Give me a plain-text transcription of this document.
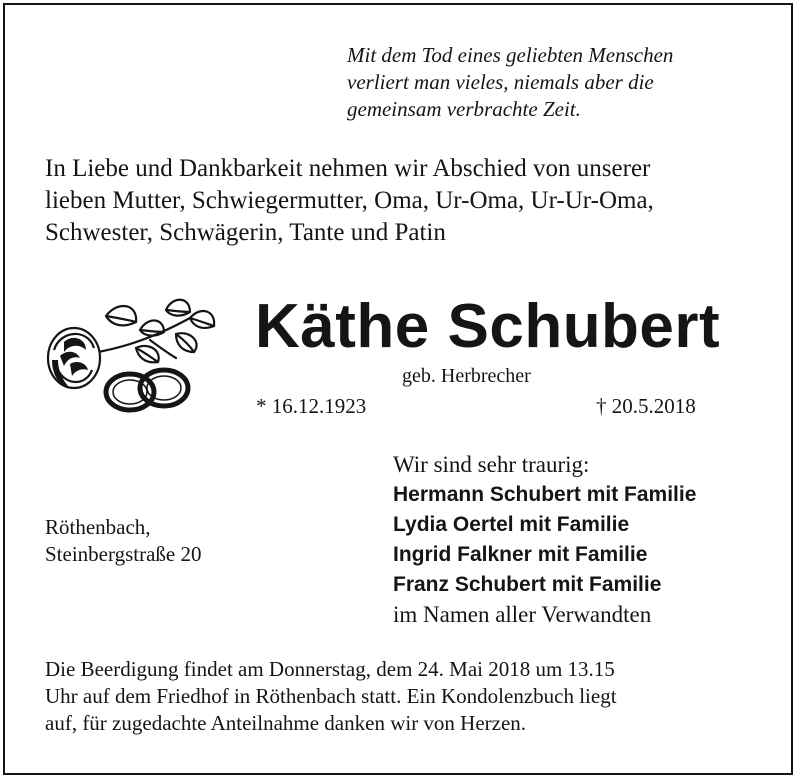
Mit dem Tod eines geliebten Menschen
verliert man vieles, niemals aber die
gemeinsam verbrachte Zeit.
In Liebe und Dankbarkeit nehmen wir Abschied von unserer
lieben Mutter, Schwiegermutter, Oma, Ur-Oma, Ur-Ur-Oma,
Schwester, Schwägerin, Tante und Patin
Käthe Schubert
geb. Herbrecher
* 16.12.1923	† 20.5.2018
Röthenbach,
Steinbergstraße 20
Wir sind sehr traurig:
Hermann Schubert mit Familie
Lydia Oertel mit Familie
Ingrid Falkner mit Familie
Franz Schubert mit Familie
im Namen aller Verwandten
Die Beerdigung findet am Donnerstag, dem 24. Mai 2018 um 13.15
Uhr auf dem Friedhof in Röthenbach statt. Ein Kondolenzbuch liegt
auf, für zugedachte Anteilnahme danken wir von Herzen.
